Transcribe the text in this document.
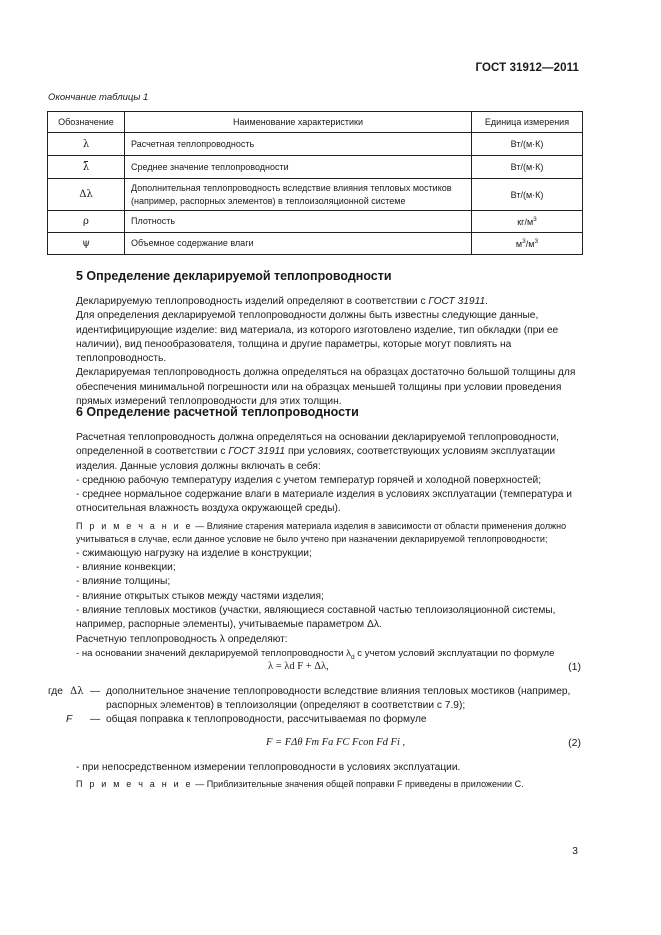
ГОСТ 31912—2011
Окончание таблицы 1
Обозначение	Наименование характеристики	Единица измерения
λ	Расчетная теплопроводность	Вт/(м·К)
λ	Среднее значение теплопроводности	Вт/(м·К)
Δλ	Дополнительная теплопроводность вследствие влияния тепловых мостиков (например, распорных элементов) в теплоизоляционной системе	Вт/(м·К)
ρ	Плотность	$кг/м^3$
ψ	Объемное содержание влаги	$м^3/м^3$
5 Определение декларируемой теплопроводности
Декларируемую теплопроводность изделий определяют в соответствии с ГОСТ 31911.
Для определения декларируемой теплопроводности должны быть известны следующие данные, идентифицирующие изделие: вид материала, из которого изготовлено изделие, тип обкладки (при ее наличии), вид пенообразователя, толщина и другие параметры, которые могут повлиять на теплопроводность.
Декларируемая теплопроводность должна определяться на образцах достаточно большой толщины для обеспечения минимальной погрешности или на образцах меньшей толщины при условии проведения прямых измерений теплопроводности для этих толщин.
6 Определение расчетной теплопроводности
Расчетная теплопроводность должна определяться на основании декларируемой теплопроводности, определенной в соответствии с ГОСТ 31911 при условиях, соответствующих условиям эксплуатации изделия. Данные условия должны включать в себя:
- среднюю рабочую температуру изделия с учетом температур горячей и холодной поверхностей;
- среднее нормальное содержание влаги в материале изделия в условиях эксплуатации (температура и относительная влажность воздуха окружающей среды).
П р и м е ч а н и е — Влияние старения материала изделия в зависимости от области применения должно учитываться в случае, если данное условие не было учтено при назначении декларируемой теплопроводности;
- сжимающую нагрузку на изделие в конструкции;
- влияние конвекции;
- влияние толщины;
- влияние открытых стыков между частями изделия;
- влияние тепловых мостиков (участки, являющиеся составной частью теплоизоляционной системы, например, распорные элементы), учитываемые параметром Δλ.
Расчетную теплопроводность λ определяют:
- на основании значений декларируемой теплопроводности $\lambda_d$ с учетом условий эксплуатации по формуле
λ = λd F + Δλ,	(1)
где Δλ — дополнительное значение теплопроводности вследствие влияния тепловых мостиков (например, распорных элементов) в теплоизоляции (определяют в соответствии с 7.9);
F — общая поправка к теплопроводности, рассчитываемая по формуле
F = FΔθ Fm Fa FC Fcon Fd Fi ,	(2)
- при непосредственном измерении теплопроводности в условиях эксплуатации.
П р и м е ч а н и е — Приблизительные значения общей поправки F приведены в приложении С.
3
